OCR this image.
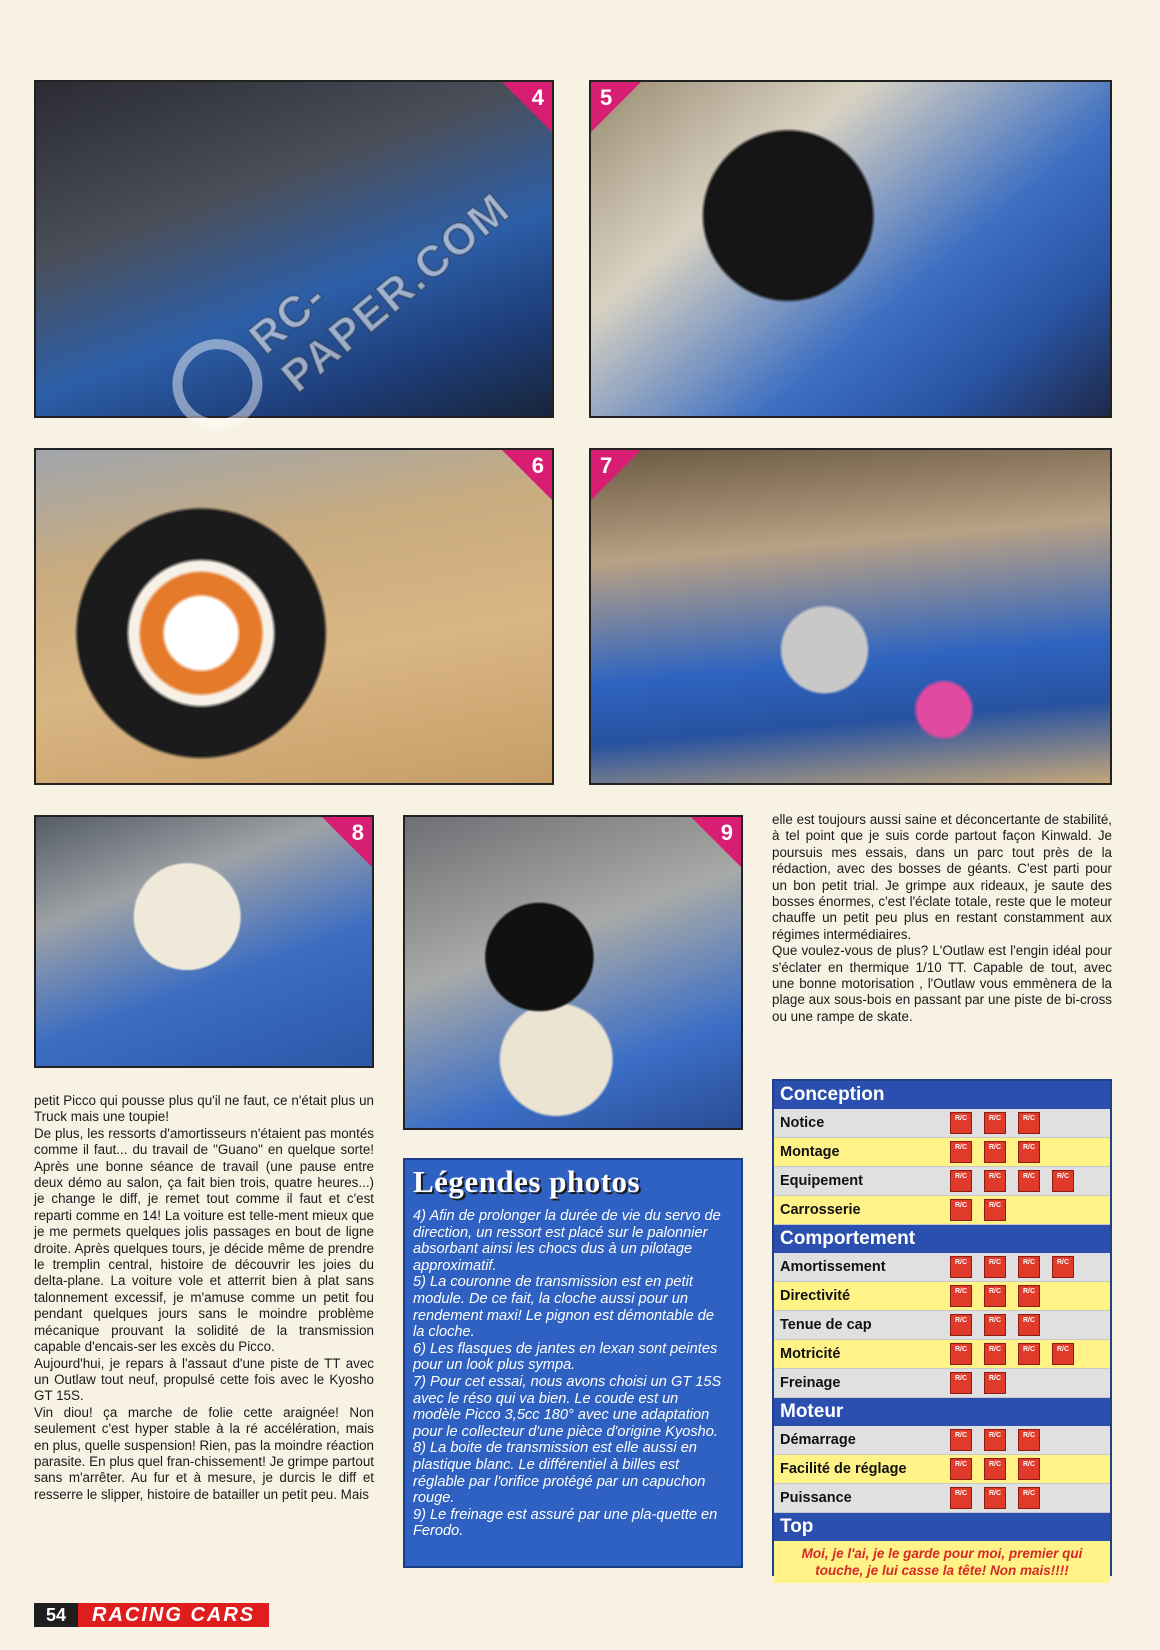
4	5
6	7
8	9
RC-PAPER.COM

petit Picco qui pousse plus qu'il ne faut, ce n'était plus un Truck mais une toupie!

De plus, les ressorts d'amortisseurs n'étaient pas montés comme il faut... du travail de "Guano" en quelque sorte! Après une bonne séance de travail (une pause entre deux démo au salon, ça fait bien trois, quatre heures...) je change le diff, je remet tout comme il faut et c'est reparti comme en 14! La voiture est telle-ment mieux que je me permets quelques jolis passages en bout de ligne droite. Après quelques tours, je décide même de prendre le tremplin central, histoire de découvrir les joies du delta-plane. La voiture vole et atterrit bien à plat sans talonnement excessif, je m'amuse comme un petit fou pendant quelques jours sans le moindre problème mécanique prouvant la solidité de la transmission capable d'encais-ser les excès du Picco.

Aujourd'hui, je repars à l'assaut d'une piste de TT avec un Outlaw tout neuf, propulsé cette fois avec le Kyosho GT 15S.

Vin diou! ça marche de folie cette araignée! Non seulement c'est hyper stable à la ré accélération, mais en plus, quelle suspension! Rien, pas la moindre réaction parasite. En plus quel fran-chissement! Je grimpe partout sans m'arrêter. Au fur et à mesure, je durcis le diff et resserre le slipper, histoire de batailler un petit peu. Mais

elle est toujours aussi saine et déconcertante de stabilité, à tel point que je suis corde partout façon Kinwald. Je poursuis mes essais, dans un parc tout près de la rédaction, avec des bosses de géants. C'est parti pour un bon petit trial. Je grimpe aux rideaux, je saute des bosses énormes, c'est l'éclate totale, reste que le moteur chauffe un petit peu plus en restant constamment aux régimes intermédiaires.

Que voulez-vous de plus? L'Outlaw est l'engin idéal pour s'éclater en thermique 1/10 TT. Capable de tout, avec une bonne motorisation , l'Outlaw vous emmènera de la plage aux sous-bois en passant par une piste de bi-cross ou une rampe de skate.

Légendes photos

4) Afin de prolonger la durée de vie du servo de direction, un ressort est placé sur le palonnier absorbant ainsi les chocs dus à un pilotage approximatif.

5) La couronne de transmission est en petit module. De ce fait, la cloche aussi pour un rendement maxi! Le pignon est démontable de la cloche.

6) Les flasques de jantes en lexan sont peintes pour un look plus sympa.

7) Pour cet essai, nous avons choisi un GT 15S avec le réso qui va bien. Le coude est un modèle Picco 3,5cc 180° avec une adaptation pour le collecteur d'une pièce d'origine Kyosho.

8) La boite de transmission est elle aussi en plastique blanc. Le différentiel à billes est réglable par l'orifice protégé par un capuchon rouge.

9) Le freinage est assuré par une pla-quette en Ferodo.

Conception
Notice	R/C	R/C	R/C
Montage	R/C	R/C	R/C
Equipement	R/C	R/C	R/C	R/C
Carrosserie	R/C	R/C
Comportement
Amortissement	R/C	R/C	R/C	R/C
Directivité	R/C	R/C	R/C
Tenue de cap	R/C	R/C	R/C
Motricité	R/C	R/C	R/C	R/C
Freinage	R/C	R/C
Moteur
Démarrage	R/C	R/C	R/C
Facilité de réglage	R/C	R/C	R/C
Puissance	R/C	R/C	R/C
Top
Moi, je l'ai, je le garde pour moi, premier qui touche, je lui casse la tête! Non mais!!!!
54	RACING CARS
